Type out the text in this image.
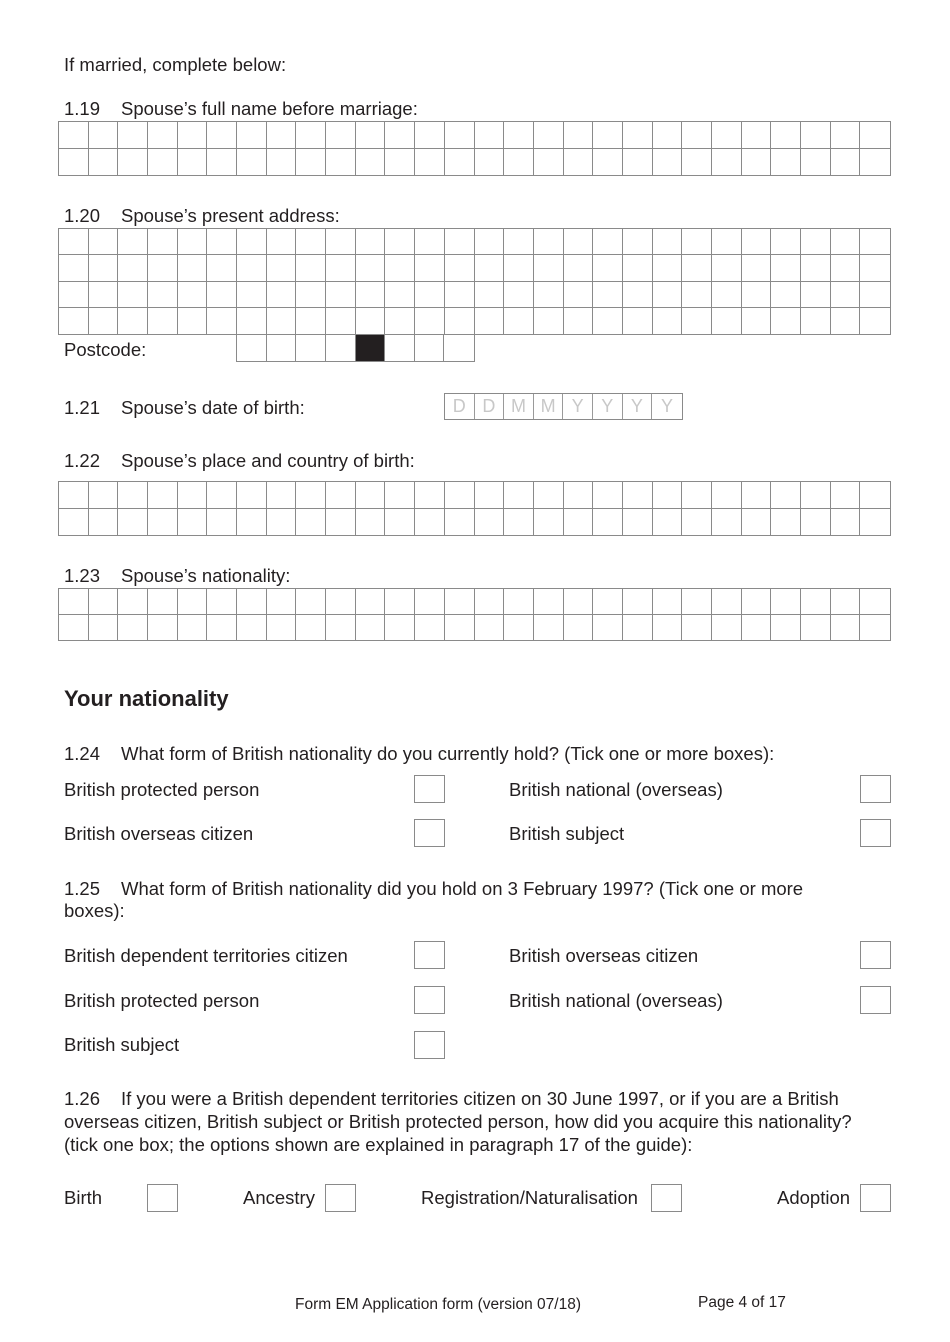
If married, complete below:
1.19 Spouse’s full name before marriage:
1.20 Spouse’s present address:
Postcode:
1.21 Spouse’s date of birth:	D D M M Y Y Y	Y
1.22 Spouse’s place and country of birth:
1.23 Spouse’s nationality:
Your nationality
1.24 What form of British nationality do you currently hold? (Tick one or more boxes):
British protected person	British national (overseas)
British overseas citizen	British subject
1.25 What form of British nationality did you hold on 3 February 1997? (Tick one or more
boxes):
British dependent territories citizen	British overseas citizen
British protected person	British national (overseas)
British subject
1.26 If you were a British dependent territories citizen on 30 June 1997, or if you are a British
overseas citizen, British subject or British protected person, how did you acquire this nationality?
(tick one box; the options shown are explained in paragraph 17 of the guide):
Birth	Ancestry	Registration/Naturalisation	Adoption
Form EM Application form (version 07/18)	Page 4 of 17
